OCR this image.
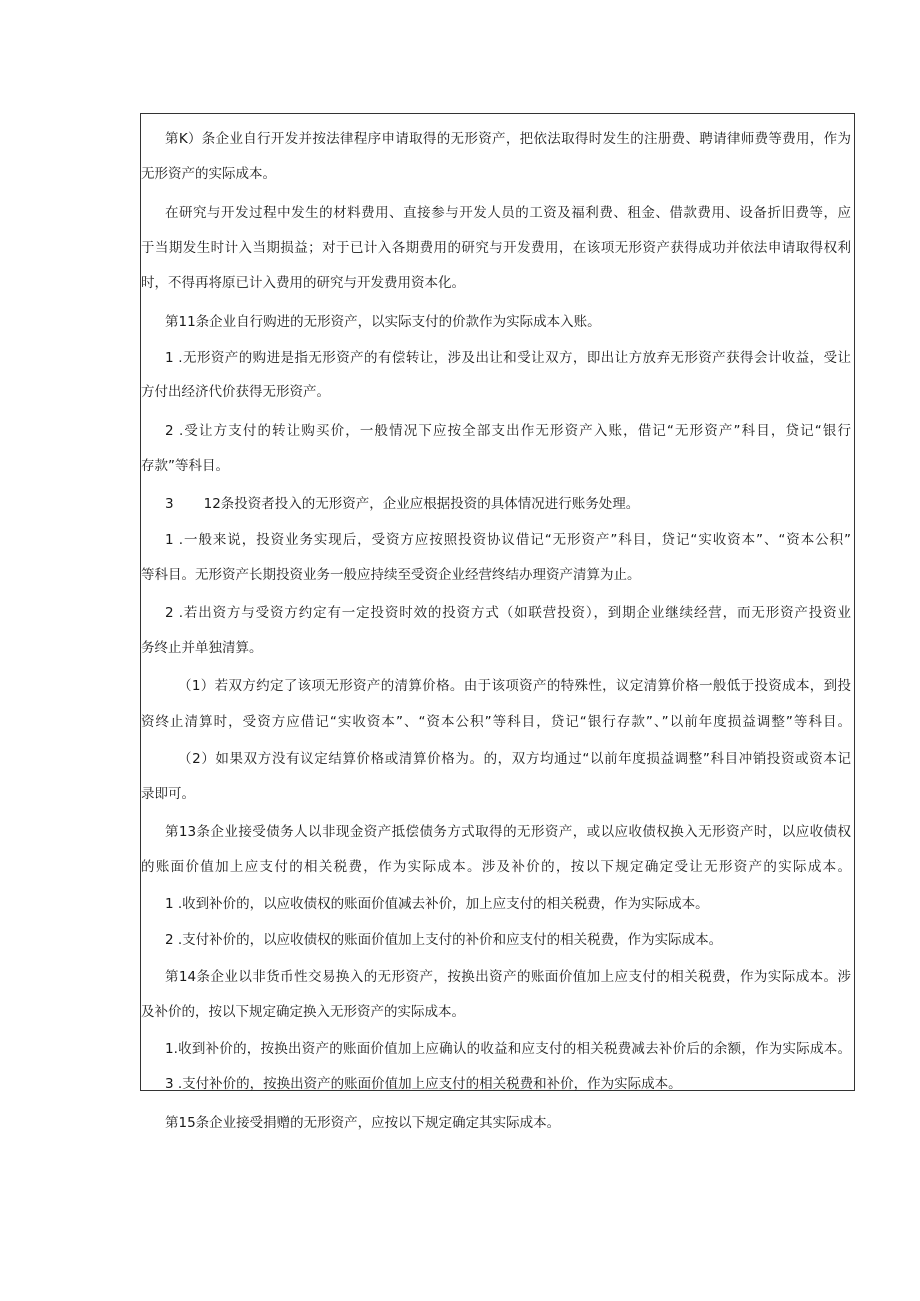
第K）条企业自行开发并按法律程序申请取得的无形资产，把依法取得时发生的注册费、聘请律师费等费用，作为
无形资产的实际成本。
在研究与开发过程中发生的材料费用、直接参与开发人员的工资及福利费、租金、借款费用、设备折旧费等，应
于当期发生时计入当期损益；对于已计入各期费用的研究与开发费用，在该项无形资产获得成功并依法申请取得权利
时，不得再将原已计入费用的研究与开发费用资本化。
第11条企业自行购进的无形资产，以实际支付的价款作为实际成本入账。
1 .无形资产的购进是指无形资产的有偿转让，涉及出让和受让双方，即出让方放弃无形资产获得会计收益，受让
方付出经济代价获得无形资产。
2 .受让方支付的转让购买价，一般情况下应按全部支出作无形资产入账，借记“无形资产”科目，贷记“银行
存款”等科目。
3       12条投资者投入的无形资产，企业应根据投资的具体情况进行账务处理。
1 .一般来说，投资业务实现后，受资方应按照投资协议借记“无形资产”科目，贷记“实收资本”、“资本公积”
等科目。无形资产长期投资业务一般应持续至受资企业经营终结办理资产清算为止。
2 .若出资方与受资方约定有一定投资时效的投资方式（如联营投资），到期企业继续经营，而无形资产投资业
务终止并单独清算。
（1）若双方约定了该项无形资产的清算价格。由于该项资产的特殊性，议定清算价格一般低于投资成本，到投
资终止清算时，受资方应借记“实收资本”、“资本公积”等科目，贷记“银行存款”、”以前年度损益调整”等科目。
（2）如果双方没有议定结算价格或清算价格为。的，双方均通过“以前年度损益调整”科目冲销投资或资本记
录即可。
第13条企业接受债务人以非现金资产抵偿债务方式取得的无形资产，或以应收债权换入无形资产时，以应收债权
的账面价值加上应支付的相关税费，作为实际成本。涉及补价的，按以下规定确定受让无形资产的实际成本。
1 .收到补价的，以应收债权的账面价值减去补价，加上应支付的相关税费，作为实际成本。
2 .支付补价的，以应收债权的账面价值加上支付的补价和应支付的相关税费，作为实际成本。
第14条企业以非货币性交易换入的无形资产，按换出资产的账面价值加上应支付的相关税费，作为实际成本。涉
及补价的，按以下规定确定换入无形资产的实际成本。
1.收到补价的，按换出资产的账面价值加上应确认的收益和应支付的相关税费减去补价后的余额，作为实际成本。
3 .支付补价的，按换出资产的账面价值加上应支付的相关税费和补价，作为实际成本。
第15条企业接受捐赠的无形资产，应按以下规定确定其实际成本。
